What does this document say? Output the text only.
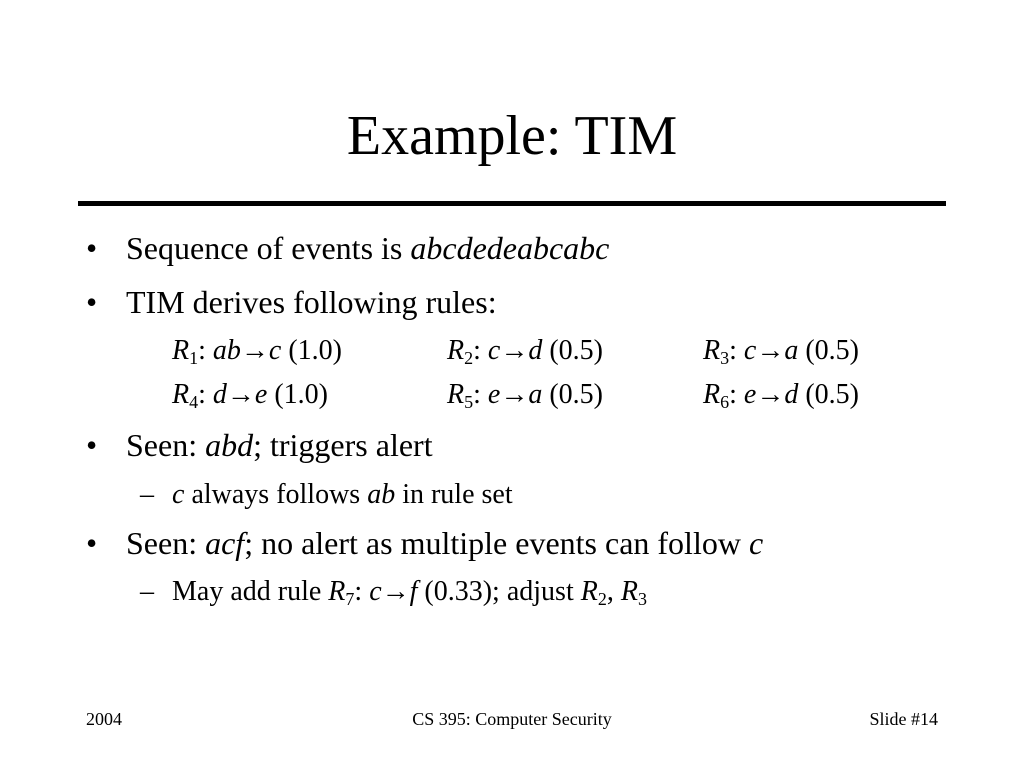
Example: TIM
• Sequence of events is abcdedeabcabc
• TIM derives following rules:
$R_1$: ab→c (1.0)	$R_2$: c→d (0.5)	$R_3$: c→a (0.5)
$R_4$: d→e (1.0)	$R_5$: e→a (0.5)	$R_6$: e→d (0.5)
• Seen: abd; triggers alert
– c always follows ab in rule set
• Seen: acf; no alert as multiple events can follow c
– May add rule $R_7$: c→f (0.33); adjust $R_2$, $R_3$
2004	CS 395: Computer Security	Slide #14
